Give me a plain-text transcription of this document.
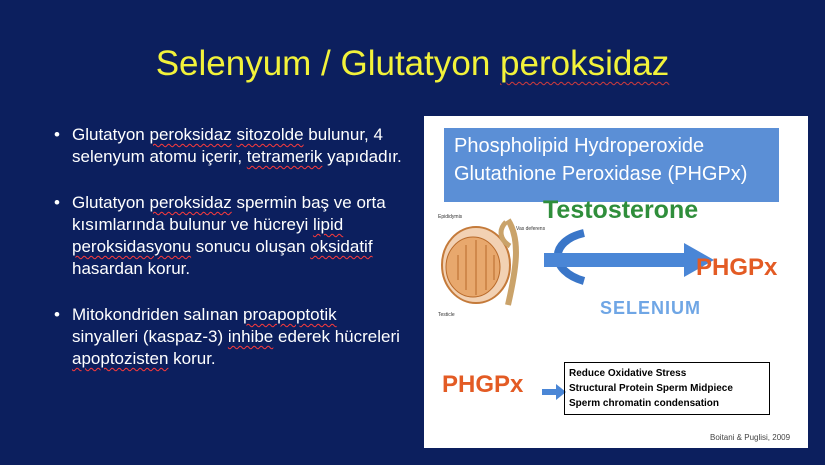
Selenyum / Glutatyon peroksidaz
• Glutatyon peroksidaz sitozolde bulunur, 4 selenyum atomu içerir, tetramerik yapıdadır.
• Glutatyon peroksidaz spermin baş ve orta kısımlarında bulunur ve hücreyi lipid peroksidasyonu sonucu oluşan oksidatif hasardan korur.
• Mitokondriden salınan proapoptotik sinyalleri (kaspaz-3) inhibe ederek hücreleri apoptozisten korur.
Phospholipid Hydroperoxide
Glutathione Peroxidase (PHGPx)
Epididymis
Vas deferens
Testicle
Testosterone
PHGPx
SELENIUM
PHGPx	Reduce Oxidative Stress
Structural Protein Sperm Midpiece
Sperm chromatin condensation
Boitani & Puglisi, 2009
